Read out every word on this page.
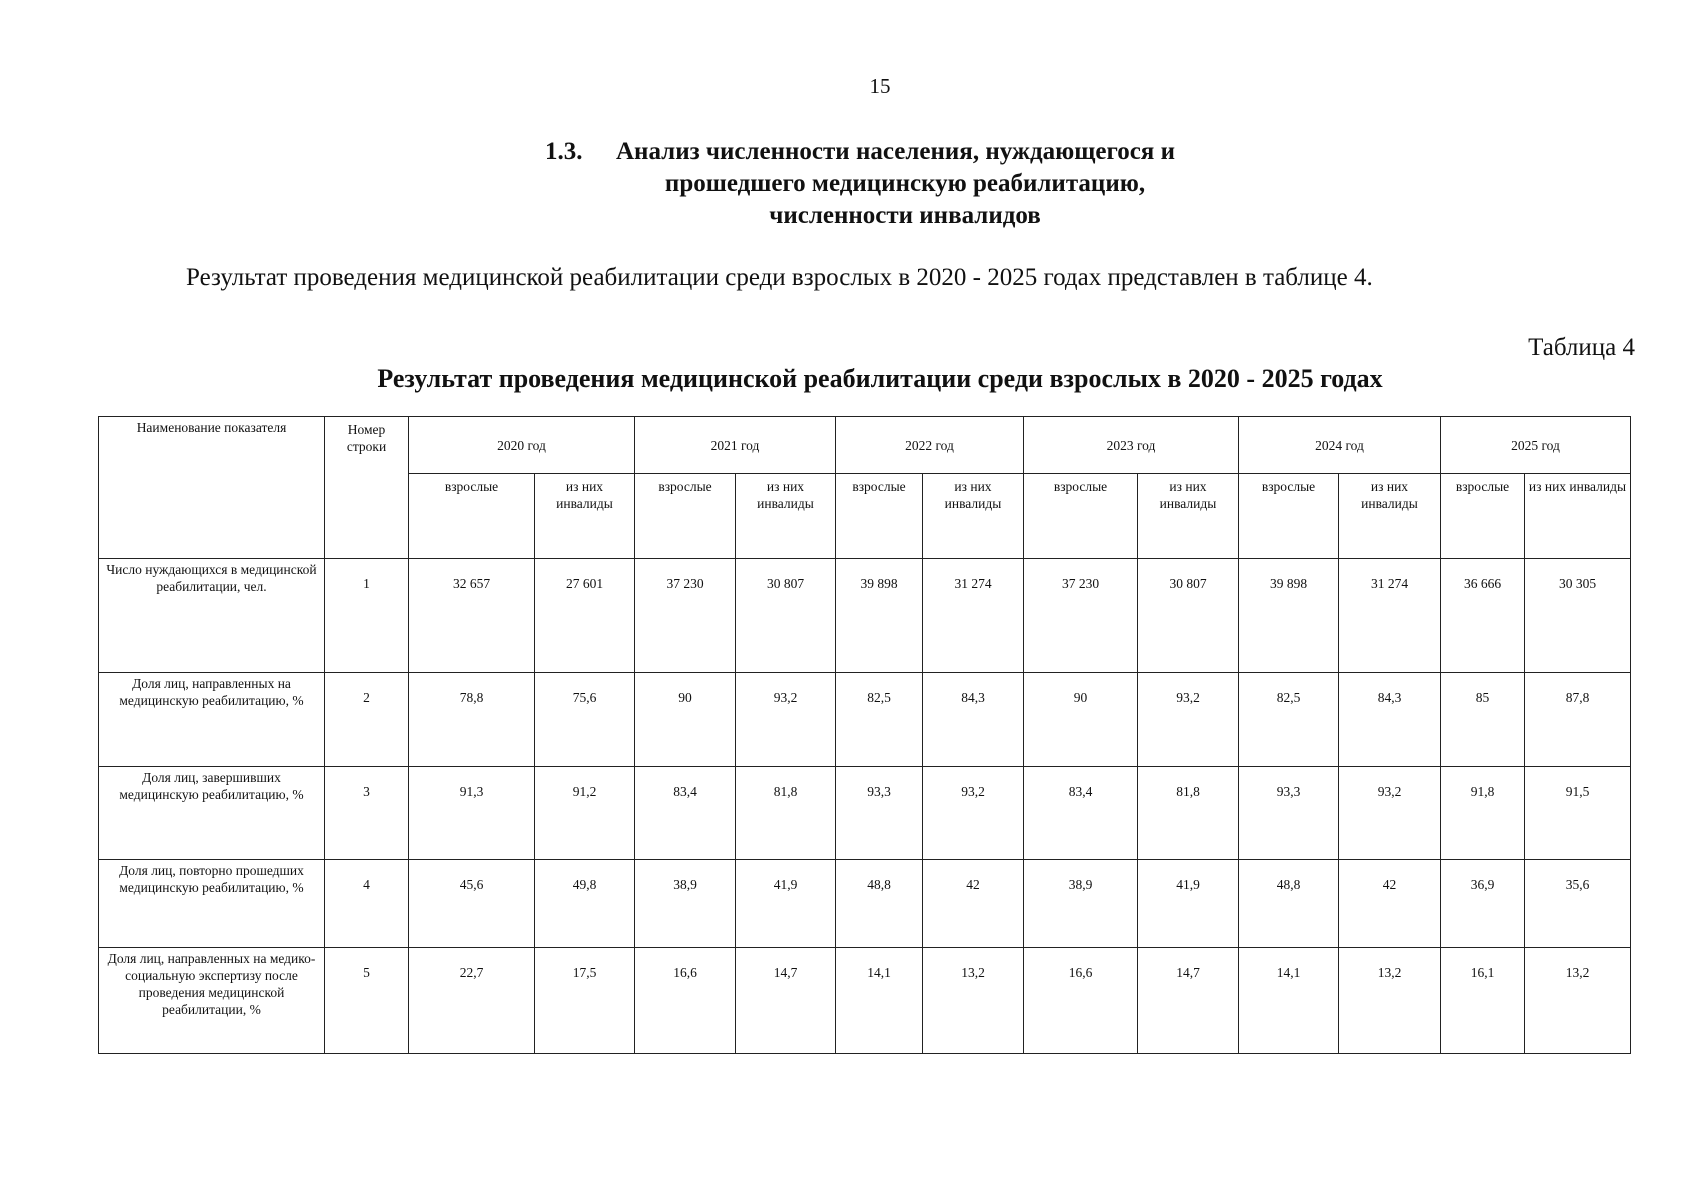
15
1.3. Анализ численности населения, нуждающегося и
прошедшего медицинскую реабилитацию,
численности инвалидов
Результат проведения медицинской реабилитации среди взрослых в 2020 - 2025 годах представлен в таблице 4.
Таблица 4
Результат проведения медицинской реабилитации среди взрослых в 2020 - 2025 годах
Наименование показателя	Номер строки	2020 год		2021 год		2022 год		2023 год		2024 год		2025 год	
		взрослые	из них инвалиды	взрослые	из них инвалиды	взрослые	из них инвалиды	взрослые	из них инвалиды	взрослые	из них инвалиды	взрослые	из них инвалиды
Число нуждающихся в медицинской реабилитации, чел.	1	32 657	27 601	37 230	30 807	39 898	31 274	37 230	30 807	39 898	31 274	36 666	30 305
Доля лиц, направленных на медицинскую реабилитацию, %	2	78,8	75,6	90	93,2	82,5	84,3	90	93,2	82,5	84,3	85	87,8
Доля лиц, завершивших медицинскую реабилитацию, %	3	91,3	91,2	83,4	81,8	93,3	93,2	83,4	81,8	93,3	93,2	91,8	91,5
Доля лиц, повторно прошедших медицинскую реабилитацию, %	4	45,6	49,8	38,9	41,9	48,8	42	38,9	41,9	48,8	42	36,9	35,6
Доля лиц, направленных на медико-социальную экспертизу после проведения медицинской реабилитации, %	5	22,7	17,5	16,6	14,7	14,1	13,2	16,6	14,7	14,1	13,2	16,1	13,2
